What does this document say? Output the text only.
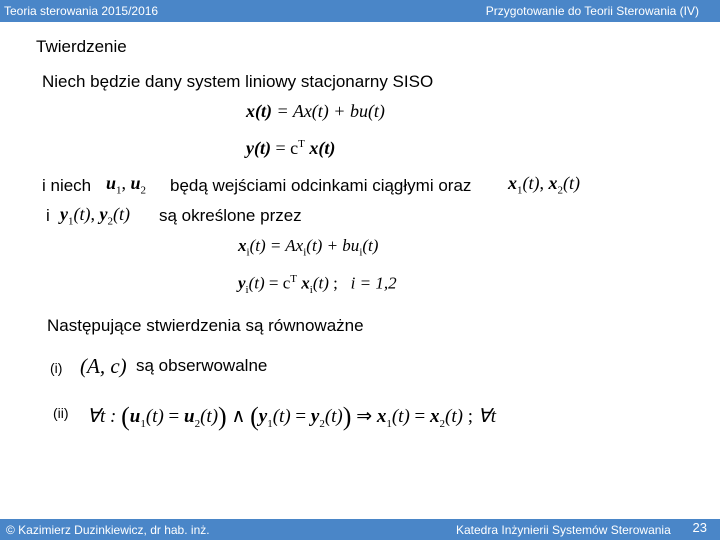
Teoria sterowania 2015/2016	Przygotowanie do Teorii Sterowania (IV)
Twierdzenie
Niech będzie dany system liniowy stacjonarny SISO
x(t) = Ax(t) + bu(t)
$y(t) = c^T$ x(t)
i niech $u_1$, $u_2$ będą wejściami odcinkami ciągłymi oraz $x_1(t)$, $x_2(t)$
i $y_1(t)$, $y_2(t)$ są określone przez
$x_i(t) = Ax_i(t) + bu_i(t)$
$y_i(t) = c^T$ $x_i(t)$ ;   i = 1,2
Następujące stwierdzenia są równoważne
(i) (A, c) są obserwowalne
(ii) ∀t : $(u_1(t) = u_2(t))$ ∧ $(y_1(t) = y_2(t))$ ⇒ $x_1(t) = x_2(t)$ ; ∀t
© Kazimierz Duzinkiewicz, dr hab. inż.	Katedra Inżynierii Systemów Sterowania 23
